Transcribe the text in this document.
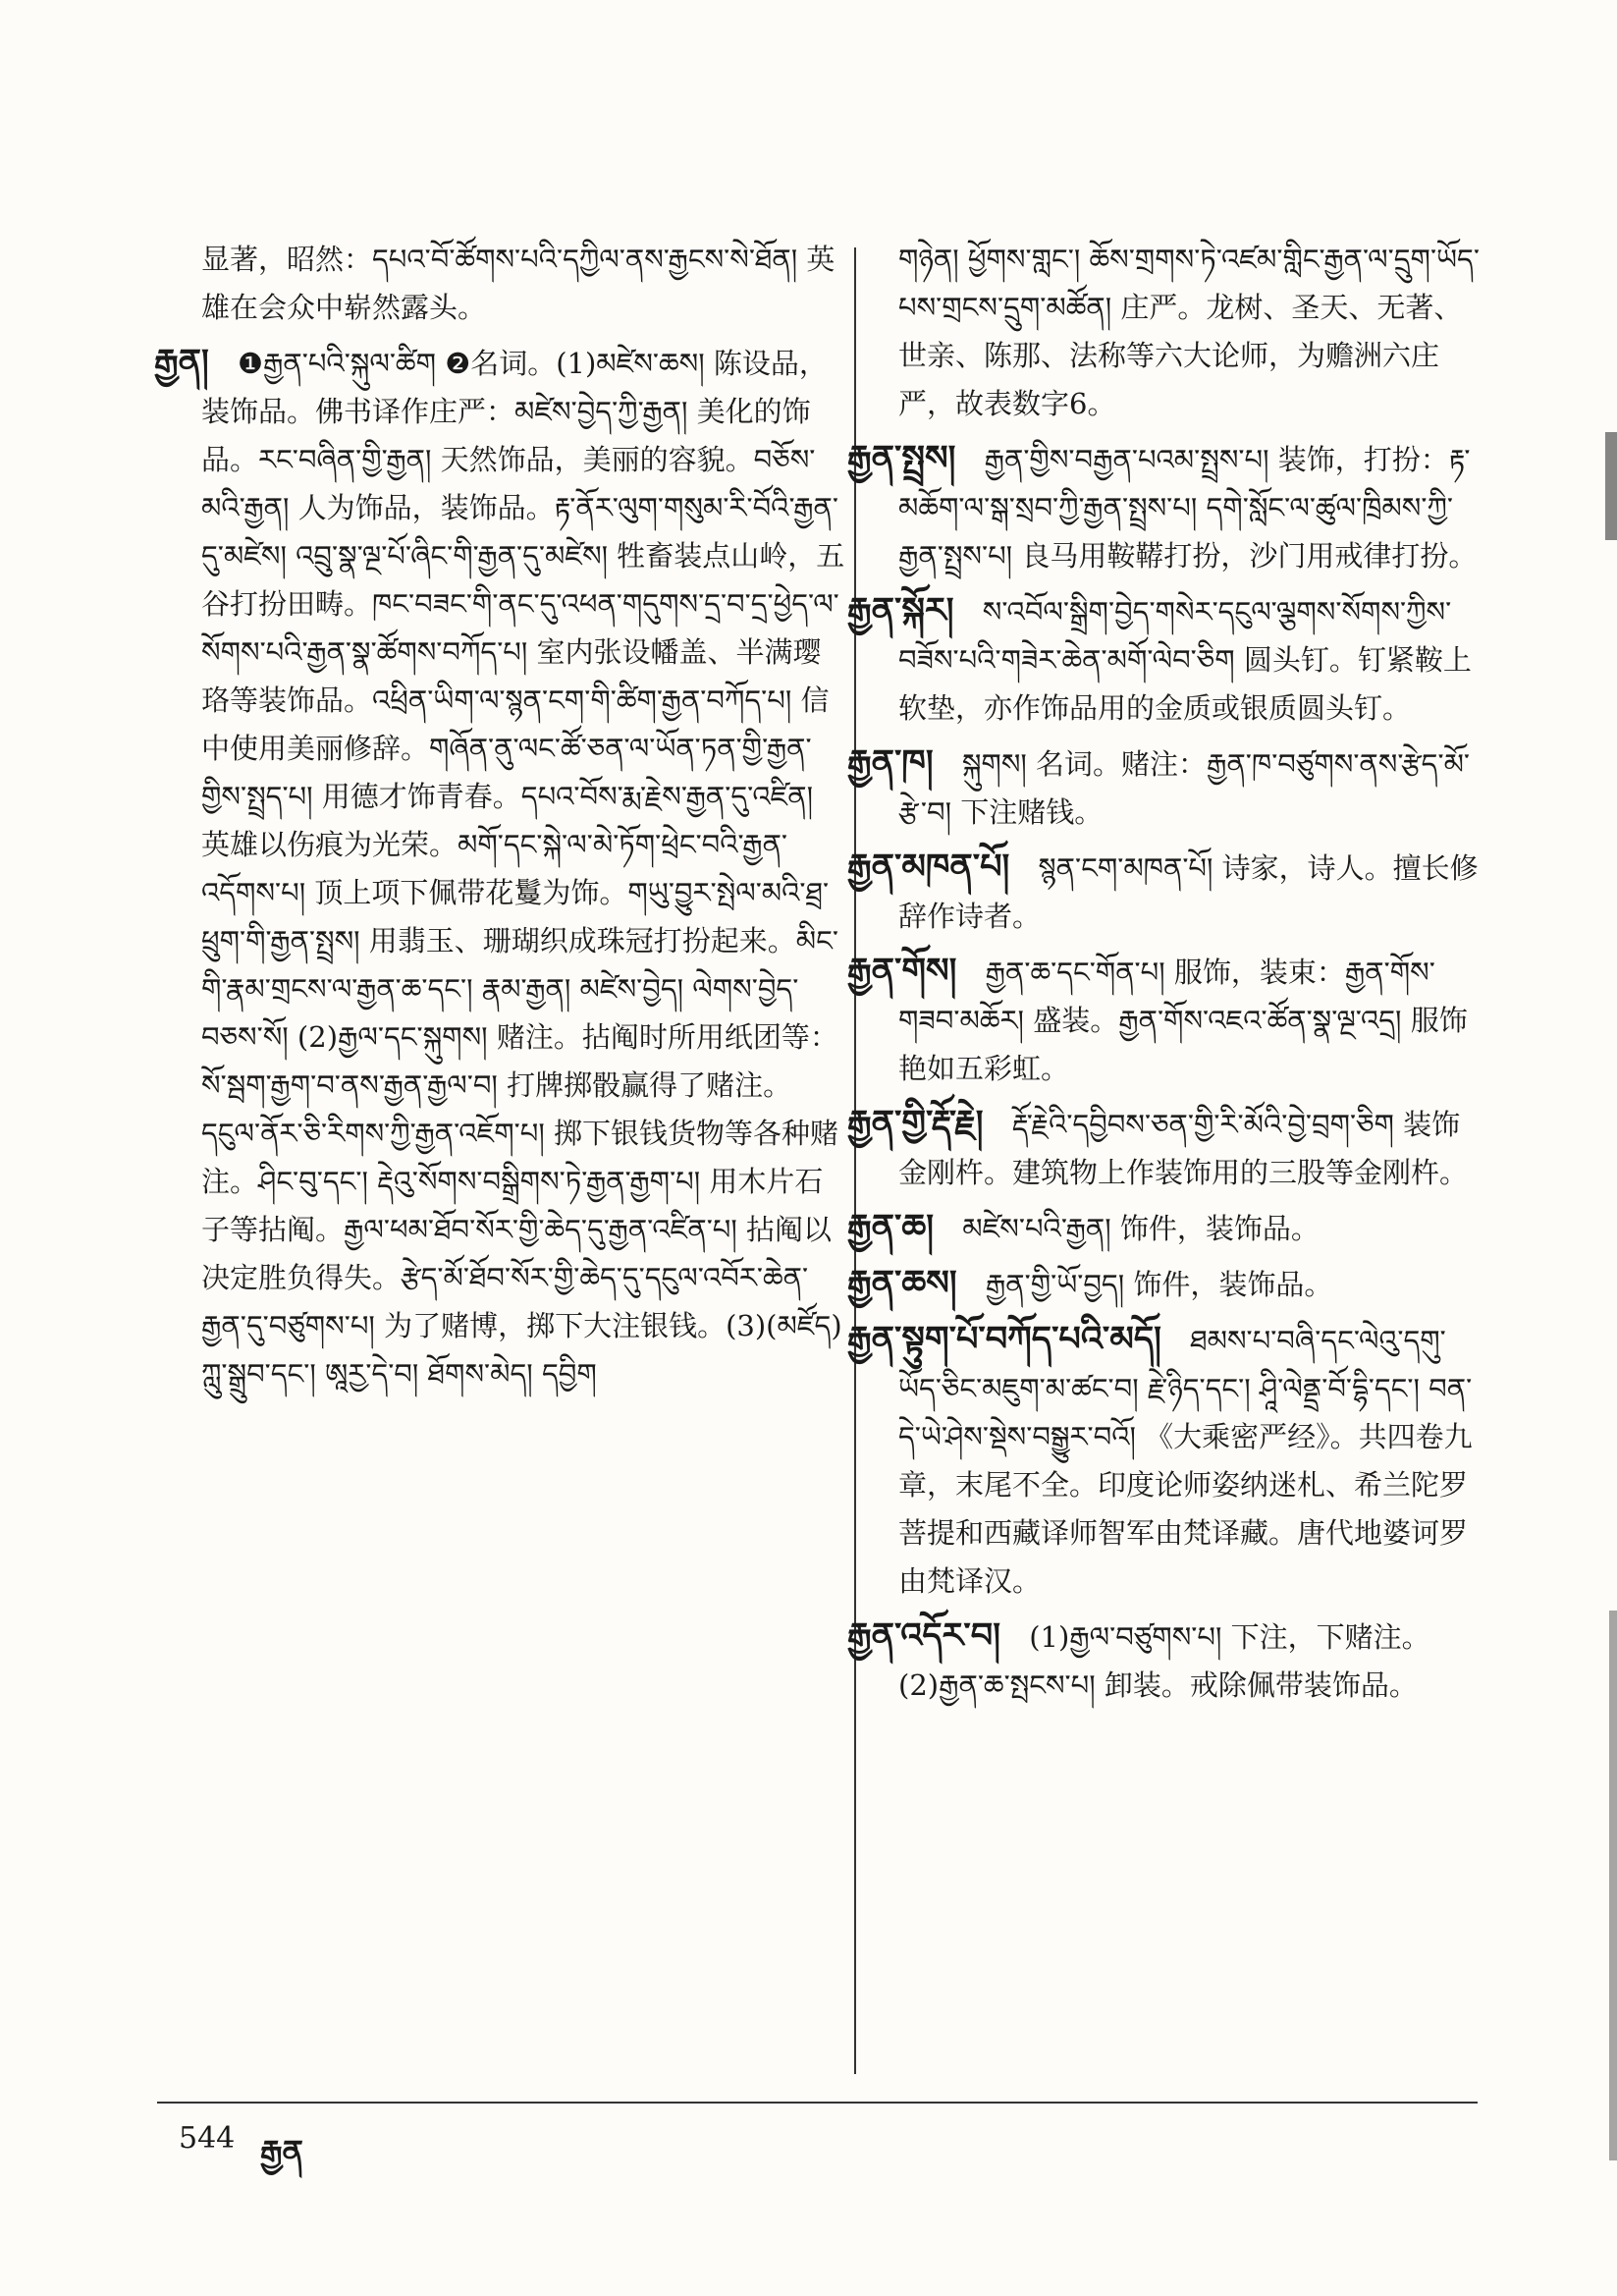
显著，昭然：དཔའ་བོ་ཚོགས་པའི་དཀྱིལ་ནས་རྒྱངས་སེ་ཐོན། 英雄在会众中崭然露头。

རྒྱན། ❶རྒྱན་པའི་སྐུལ་ཚིག ❷名词。(1)མཛེས་ཆས། 陈设品，装饰品。佛书译作庄严：མཛེས་བྱེད་ཀྱི་རྒྱན། 美化的饰品。རང་བཞིན་གྱི་རྒྱན། 天然饰品，美丽的容貌。བཅོས་མའི་རྒྱན། 人为饰品，装饰品。རྟ་ནོར་ལུག་གསུམ་རི་བོའི་རྒྱན་དུ་མཛེས། འབྲུ་སྣ་ལྔ་པོ་ཞིང་གི་རྒྱན་དུ་མཛེས། 牲畜装点山岭，五谷打扮田畴。ཁང་བཟང་གི་ནང་དུ་འཕན་གདུགས་དྲ་བ་དྲ་ཕྱེད་ལ་སོགས་པའི་རྒྱན་སྣ་ཚོགས་བཀོད་པ། 室内张设幡盖、半满璎珞等装饰品。འཕྲིན་ཡིག་ལ་སྙན་ངག་གི་ཚིག་རྒྱན་བཀོད་པ། 信中使用美丽修辞。གཞོན་ནུ་ལང་ཚོ་ཅན་ལ་ཡོན་ཏན་གྱི་རྒྱན་གྱིས་སྤྲད་པ། 用德才饰青春。དཔའ་བོས་རྨ་རྗེས་རྒྱན་དུ་འཛིན། 英雄以伤痕为光荣。མགོ་དང་སྐེ་ལ་མེ་ཏོག་ཕྲེང་བའི་རྒྱན་འདོགས་པ། 顶上项下佩带花鬘为饰。གཡུ་བྱུར་སྤེལ་མའི་ཐྲ་ཕྲུག་གི་རྒྱན་སྤྲས། 用翡玉、珊瑚织成珠冠打扮起来。མིང་གི་རྣམ་གྲངས་ལ་རྒྱན་ཆ་དང་། རྣམ་རྒྱན། མཛེས་བྱེད། ལེགས་བྱེད་བཅས་སོ། (2)རྒྱལ་དང་སྐུགས། 赌注。拈阄时所用纸团等：སོ་སྦག་རྒྱག་བ་ནས་རྒྱན་རྒྱལ་བ། 打牌掷骰赢得了赌注。དངུལ་ནོར་ཅི་རིགས་ཀྱི་རྒྱན་འཇོག་པ། 掷下银钱货物等各种赌注。ཤིང་བུ་དང་། རྡེའུ་སོགས་བསྒྲིགས་ཏེ་རྒྱན་རྒྱག་པ། 用木片石子等拈阄。རྒྱལ་ཕམ་ཐོབ་སོར་གྱི་ཆེད་དུ་རྒྱན་འཛིན་པ། 拈阄以决定胜负得失。རྩེད་མོ་ཐོབ་སོར་གྱི་ཆེད་དུ་དངུལ་འབོར་ཆེན་རྒྱན་དུ་བཙུགས་པ། 为了赌博，掷下大注银钱。(3)(མཛོད) ཀླུ་སྒྲུབ་དང་། ཨཱརྱ་དེ་བ། ཐོགས་མེད། དབྱིག

གཉེན། ཕྱོགས་གླང་། ཆོས་གྲགས་ཏེ་འཛམ་གླིང་རྒྱན་ལ་དྲུག་ཡོད་པས་གྲངས་དྲུག་མཚོན། 庄严。龙树、圣天、无著、世亲、陈那、法称等六大论师，为赡洲六庄严，故表数字6。

རྒྱན་སྤྲས། རྒྱན་གྱིས་བརྒྱན་པའམ་སྤྲས་པ། 装饰，打扮：རྟ་མཆོག་ལ་སྒ་སྲབ་ཀྱི་རྒྱན་སྤྲས་པ། དགེ་སློང་ལ་ཚུལ་ཁྲིམས་ཀྱི་རྒྱན་སྤྲས་པ། 良马用鞍鞯打扮，沙门用戒律打扮。

རྒྱན་སྐོར། ས་འབོལ་སྒྲིག་བྱེད་གསེར་དངུལ་ལྕགས་སོགས་ཀྱིས་བཟོས་པའི་གཟེར་ཆེན་མགོ་ལེབ་ཅིག 圆头钉。钉紧鞍上软垫，亦作饰品用的金质或银质圆头钉。

རྒྱན་ཁ། སྐུགས། 名词。赌注：རྒྱན་ཁ་བཙུགས་ནས་རྩེད་མོ་རྩེ་བ། 下注赌钱。

རྒྱན་མཁན་པོ། སྙན་ངག་མཁན་པོ། 诗家，诗人。擅长修辞作诗者。

རྒྱན་གོས། རྒྱན་ཆ་དང་གོན་པ། 服饰，装束：རྒྱན་གོས་གཟབ་མཆོར། 盛装。རྒྱན་གོས་འཇའ་ཚོན་སྣ་ལྔ་འདྲ། 服饰艳如五彩虹。

རྒྱན་གྱི་རྡོ་རྗེ། རྡོ་རྗེའི་དབྱིབས་ཅན་གྱི་རི་མོའི་བྱེ་བྲག་ཅིག 装饰金刚杵。建筑物上作装饰用的三股等金刚杵。

རྒྱན་ཆ། མཛེས་པའི་རྒྱན། 饰件，装饰品。

རྒྱན་ཆས། རྒྱན་གྱི་ཡོ་བྱད། 饰件，装饰品。

རྒྱན་སྟུག་པོ་བཀོད་པའི་མདོ། ཐམས་པ་བཞི་དང་ལེའུ་དགུ་ཡོད་ཅིང་མཇུག་མ་ཚང་བ། རྗེ་ཉིད་དང་། ཤཱི་ལེནྡྲ་བོ་དྷི་དང་། བན་དེ་ཡེ་ཤེས་སྡེས་བསྒྱུར་བའོ། 《大乘密严经》。共四卷九章，末尾不全。印度论师姿纳迷札、希兰陀罗菩提和西藏译师智军由梵译藏。唐代地婆诃罗由梵译汉。

རྒྱན་འདོར་བ། (1)རྒྱལ་བཙུགས་པ། 下注，下赌注。(2)རྒྱན་ཆ་སྤངས་པ། 卸装。戒除佩带装饰品。

544 རྒྱན
